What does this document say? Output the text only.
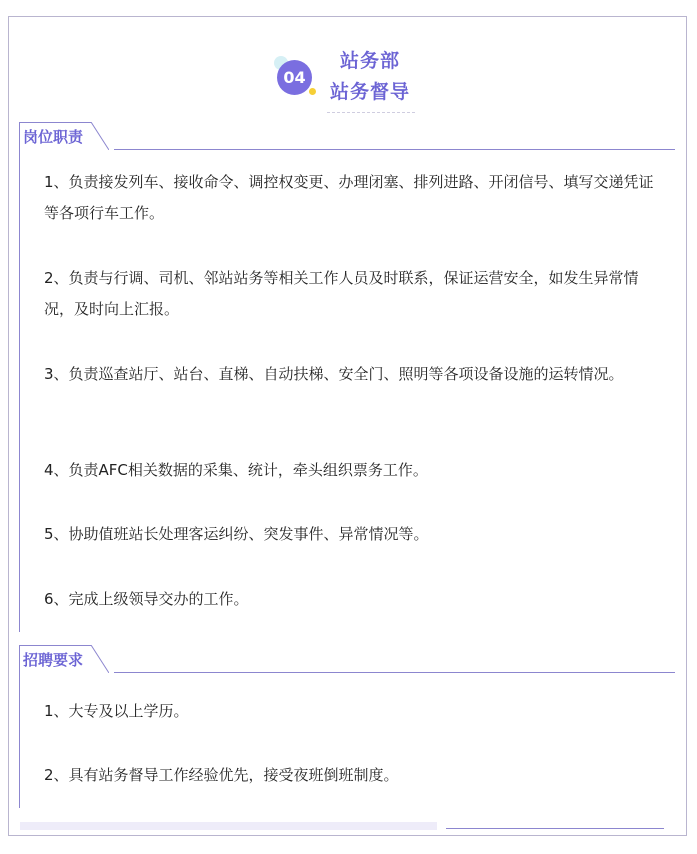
04
站务部
站务督导
岗位职责

1、负责接发列车、接收命令、调控权变更、办理闭塞、排列进路、开闭信号、填写交递凭证等各项行车工作。

2、负责与行调、司机、邻站站务等相关工作人员及时联系，保证运营安全，如发生异常情况，及时向上汇报。

3、负责巡查站厅、站台、直梯、自动扶梯、安全门、照明等各项设备设施的运转情况。

4、负责AFC相关数据的采集、统计，牵头组织票务工作。

5、协助值班站长处理客运纠纷、突发事件、异常情况等。

6、完成上级领导交办的工作。

招聘要求

1、大专及以上学历。

2、具有站务督导工作经验优先，接受夜班倒班制度。
